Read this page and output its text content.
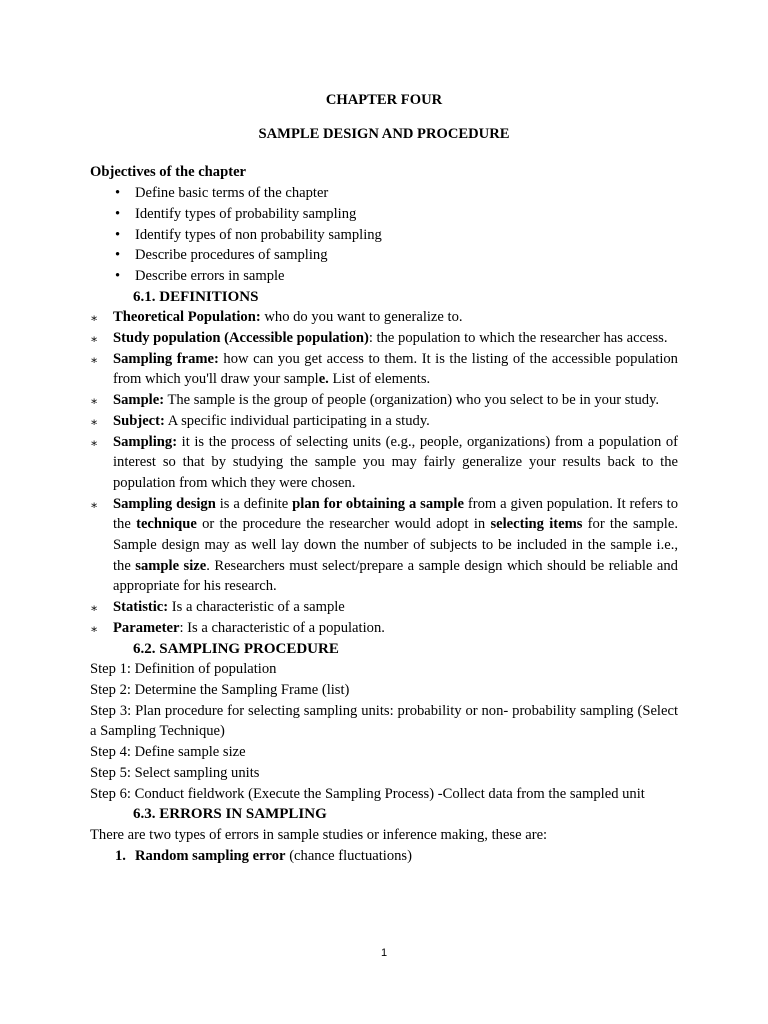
CHAPTER FOUR

SAMPLE DESIGN AND PROCEDURE

Objectives of the chapter

• Define basic terms of the chapter
• Identify types of probability sampling
• Identify types of non probability sampling
• Describe procedures of sampling
• Describe errors in sample

6.1. DEFINITIONS

∗ Theoretical Population: who do you want to generalize to.
∗ Study population (Accessible population): the population to which the researcher has access.
∗ Sampling frame: how can you get access to them. It is the listing of the accessible population from which you'll draw your sample. List of elements.
∗ Sample: The sample is the group of people (organization) who you select to be in your study.
∗ Subject: A specific individual participating in a study.
∗ Sampling: it is the process of selecting units (e.g., people, organizations) from a population of interest so that by studying the sample you may fairly generalize your results back to the population from which they were chosen.
∗ Sampling design is a definite plan for obtaining a sample from a given population. It refers to the technique or the procedure the researcher would adopt in selecting items for the sample. Sample design may as well lay down the number of subjects to be included in the sample i.e., the sample size. Researchers must select/prepare a sample design which should be reliable and appropriate for his research.
∗ Statistic: Is a characteristic of a sample
∗ Parameter: Is a characteristic of a population.

6.2. SAMPLING PROCEDURE

Step 1: Definition of population

Step 2: Determine the Sampling Frame (list)

Step 3: Plan procedure for selecting sampling units: probability or non- probability sampling (Select a Sampling Technique)

Step 4: Define sample size

Step 5: Select sampling units

Step 6: Conduct fieldwork (Execute the Sampling Process) -Collect data from the sampled unit

6.3. ERRORS IN SAMPLING

There are two types of errors in sample studies or inference making, these are:

1. Random sampling error (chance fluctuations)

1
